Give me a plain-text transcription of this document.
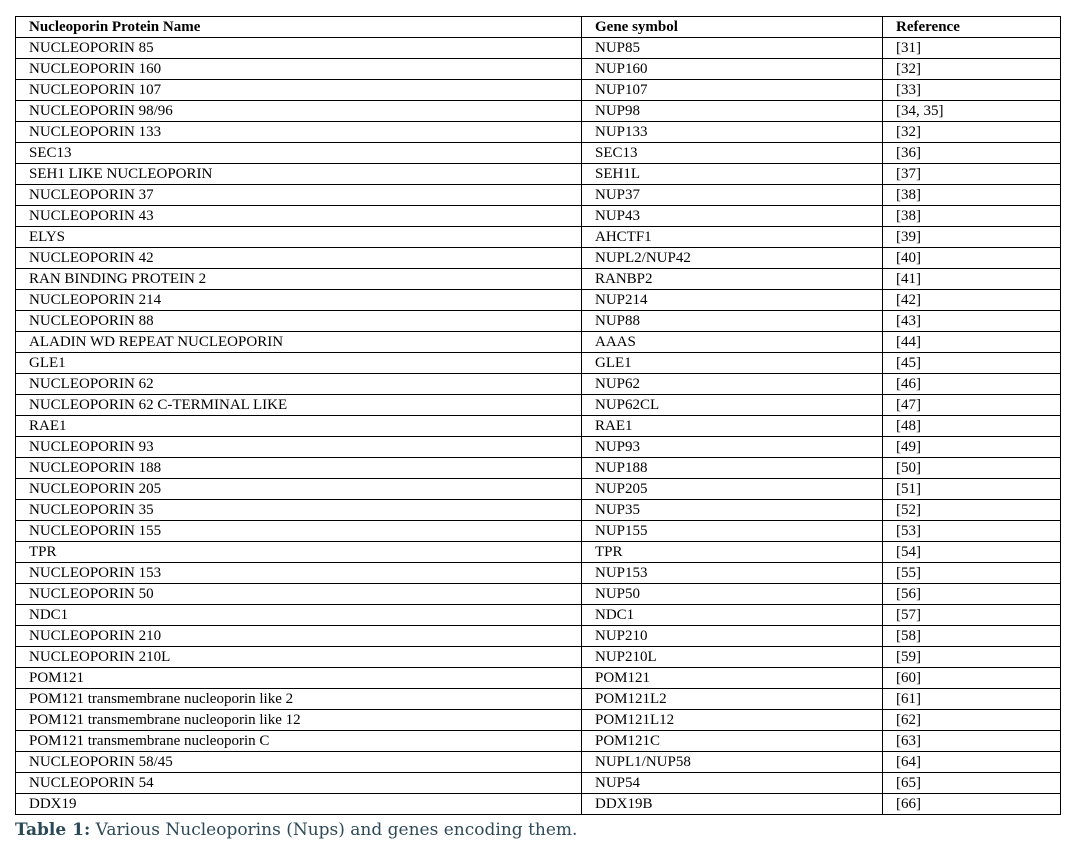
Nucleoporin Protein Name	Gene symbol	Reference
NUCLEOPORIN 85	NUP85	[31]
NUCLEOPORIN 160	NUP160	[32]
NUCLEOPORIN 107	NUP107	[33]
NUCLEOPORIN 98/96	NUP98	[34, 35]
NUCLEOPORIN 133	NUP133	[32]
SEC13	SEC13	[36]
SEH1 LIKE NUCLEOPORIN	SEH1L	[37]
NUCLEOPORIN 37	NUP37	[38]
NUCLEOPORIN 43	NUP43	[38]
ELYS	AHCTF1	[39]
NUCLEOPORIN 42	NUPL2/NUP42	[40]
RAN BINDING PROTEIN 2	RANBP2	[41]
NUCLEOPORIN 214	NUP214	[42]
NUCLEOPORIN 88	NUP88	[43]
ALADIN WD REPEAT NUCLEOPORIN	AAAS	[44]
GLE1	GLE1	[45]
NUCLEOPORIN 62	NUP62	[46]
NUCLEOPORIN 62 C-TERMINAL LIKE	NUP62CL	[47]
RAE1	RAE1	[48]
NUCLEOPORIN 93	NUP93	[49]
NUCLEOPORIN 188	NUP188	[50]
NUCLEOPORIN 205	NUP205	[51]
NUCLEOPORIN 35	NUP35	[52]
NUCLEOPORIN 155	NUP155	[53]
TPR	TPR	[54]
NUCLEOPORIN 153	NUP153	[55]
NUCLEOPORIN 50	NUP50	[56]
NDC1	NDC1	[57]
NUCLEOPORIN 210	NUP210	[58]
NUCLEOPORIN 210L	NUP210L	[59]
POM121	POM121	[60]
POM121 transmembrane nucleoporin like 2	POM121L2	[61]
POM121 transmembrane nucleoporin like 12	POM121L12	[62]
POM121 transmembrane nucleoporin C	POM121C	[63]
NUCLEOPORIN 58/45	NUPL1/NUP58	[64]
NUCLEOPORIN 54	NUP54	[65]
DDX19	DDX19B	[66]
Table 1: Various Nucleoporins (Nups) and genes encoding them.
